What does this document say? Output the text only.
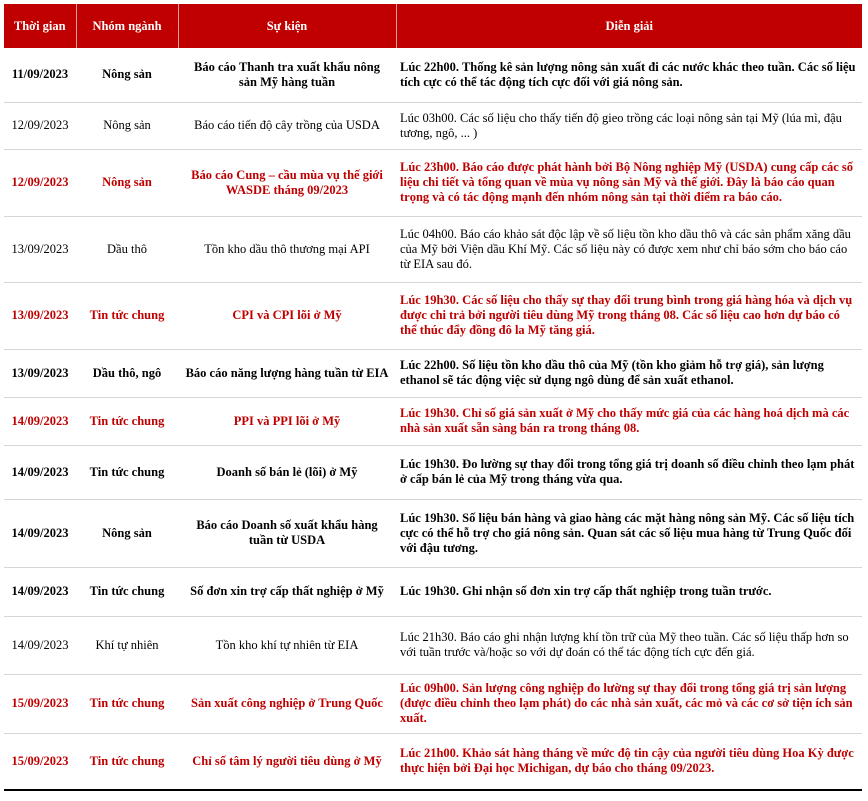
Thời gian	Nhóm ngành	Sự kiện	Diễn giải
11/09/2023	Nông sản	Báo cáo Thanh tra xuất khẩu nông sản Mỹ hàng tuần	Lúc 22h00. Thống kê sản lượng nông sản xuất đi các nước khác theo tuần. Các số liệu tích cực có thể tác động tích cực đối với giá nông sản.
12/09/2023	Nông sản	Báo cáo tiến độ cây trồng của USDA	Lúc 03h00. Các số liệu cho thấy tiến độ gieo trồng các loại nông sản tại Mỹ (lúa mì, đậu tương, ngô, ... )
12/09/2023	Nông sản	Báo cáo Cung – cầu mùa vụ thế giới WASDE tháng 09/2023	Lúc 23h00. Báo cáo được phát hành bởi Bộ Nông nghiệp Mỹ (USDA) cung cấp các số liệu chi tiết và tổng quan về mùa vụ nông sản Mỹ và thế giới. Đây là báo cáo quan trọng và có tác động mạnh đến nhóm nông sản tại thời điểm ra báo cáo.
13/09/2023	Dầu thô	Tồn kho dầu thô thương mại API	Lúc 04h00. Báo cáo khảo sát độc lập về số liệu tồn kho dầu thô và các sản phẩm xăng dầu của Mỹ bởi Viện dầu Khí Mỹ. Các số liệu này có được xem như chỉ báo sớm cho báo cáo từ EIA sau đó.
13/09/2023	Tin tức chung	CPI và CPI lõi ở Mỹ	Lúc 19h30. Các số liệu cho thấy sự thay đổi trung bình trong giá hàng hóa và dịch vụ được chi trả bởi người tiêu dùng Mỹ trong tháng 08. Các số liệu cao hơn dự báo có thể thúc đẩy đồng đô la Mỹ tăng giá.
13/09/2023	Dầu thô, ngô	Báo cáo năng lượng hàng tuần từ EIA	Lúc 22h00. Số liệu tồn kho dầu thô của Mỹ (tồn kho giảm hỗ trợ giá), sản lượng ethanol sẽ tác động việc sử dụng ngô dùng để sản xuất ethanol.
14/09/2023	Tin tức chung	PPI và PPI lõi ở Mỹ	Lúc 19h30. Chỉ số giá sản xuất ở Mỹ cho thấy mức giá của các hàng hoá dịch mà các nhà sản xuất sẵn sàng bán ra trong tháng 08.
14/09/2023	Tin tức chung	Doanh số bán lẻ (lõi) ở Mỹ	Lúc 19h30. Đo lường sự thay đổi trong tổng giá trị doanh số điều chỉnh theo lạm phát ở cấp bán lẻ của Mỹ trong tháng vừa qua.
14/09/2023	Nông sản	Báo cáo Doanh số xuất khẩu hàng tuần từ USDA	Lúc 19h30. Số liệu bán hàng và giao hàng các mặt hàng nông sản Mỹ. Các số liệu tích cực có thể hỗ trợ cho giá nông sản. Quan sát các số liệu mua hàng từ Trung Quốc đối với đậu tương.
14/09/2023	Tin tức chung	Số đơn xin trợ cấp thất nghiệp ở Mỹ	Lúc 19h30. Ghi nhận số đơn xin trợ cấp thất nghiệp trong tuần trước.
14/09/2023	Khí tự nhiên	Tồn kho khí tự nhiên từ EIA	Lúc 21h30. Báo cáo ghi nhận lượng khí tồn trữ của Mỹ theo tuần. Các số liệu thấp hơn so với tuần trước và/hoặc so với dự đoán có thể tác động tích cực đến giá.
15/09/2023	Tin tức chung	Sản xuất công nghiệp ở Trung Quốc	Lúc 09h00. Sản lượng công nghiệp đo lường sự thay đổi trong tổng giá trị sản lượng (được điều chỉnh theo lạm phát) do các nhà sản xuất, các mỏ và các cơ sở tiện ích sản xuất.
15/09/2023	Tin tức chung	Chỉ số tâm lý người tiêu dùng ở Mỹ	Lúc 21h00. Khảo sát hàng tháng về mức độ tin cậy của người tiêu dùng Hoa Kỳ được thực hiện bởi Đại học Michigan, dự báo cho tháng 09/2023.
